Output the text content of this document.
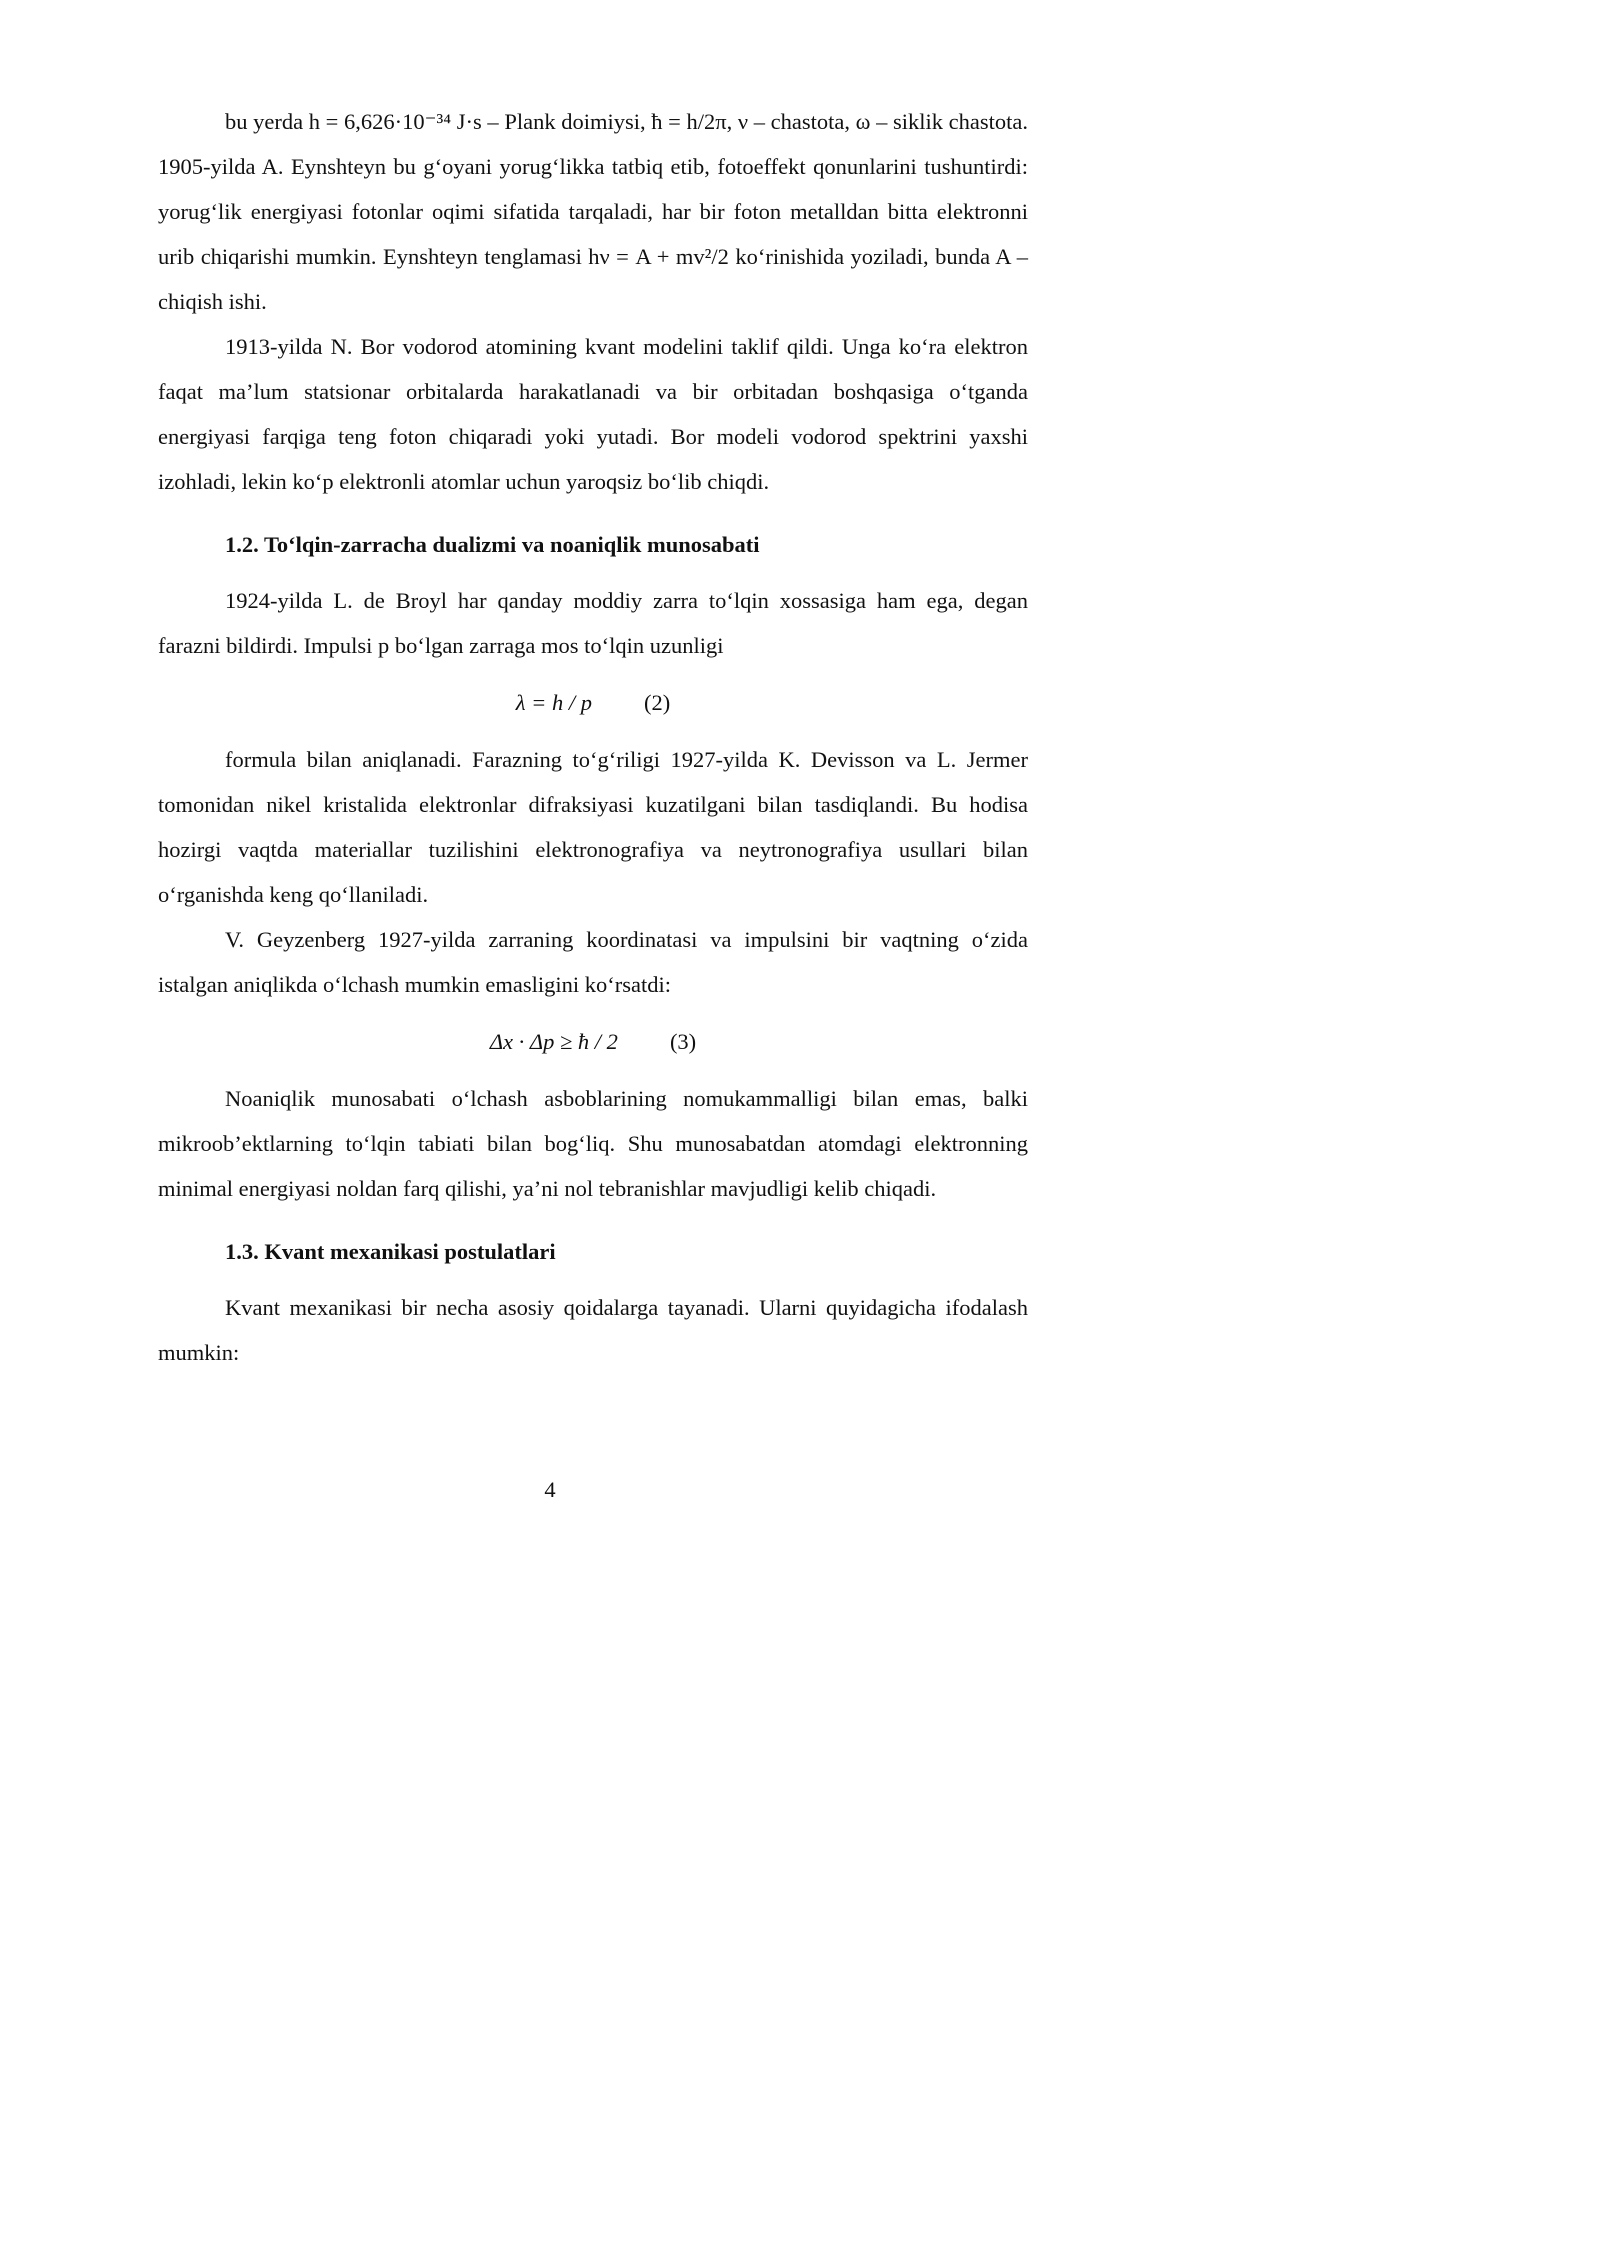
bu yerda h = 6,626·10⁻³⁴ J·s – Plank doimiysi, ħ = h/2π, ν – chastota, ω – siklik chastota. 1905-yilda A. Eynshteyn bu g‘oyani yorug‘likka tatbiq etib, fotoeffekt qonunlarini tushuntirdi: yorug‘lik energiyasi fotonlar oqimi sifatida tarqaladi, har bir foton metalldan bitta elektronni urib chiqarishi mumkin. Eynshteyn tenglamasi hν = A + mv²/2 ko‘rinishida yoziladi, bunda A – chiqish ishi.

1913-yilda N. Bor vodorod atomining kvant modelini taklif qildi. Unga ko‘ra elektron faqat ma’lum statsionar orbitalarda harakatlanadi va bir orbitadan boshqasiga o‘tganda energiyasi farqiga teng foton chiqaradi yoki yutadi. Bor modeli vodorod spektrini yaxshi izohladi, lekin ko‘p elektronli atomlar uchun yaroqsiz bo‘lib chiqdi.

1.2. To‘lqin-zarracha dualizmi va noaniqlik munosabati

1924-yilda L. de Broyl har qanday moddiy zarra to‘lqin xossasiga ham ega, degan farazni bildirdi. Impulsi p bo‘lgan zarraga mos to‘lqin uzunligi

λ = h / p (2)

formula bilan aniqlanadi. Farazning to‘g‘riligi 1927-yilda K. Devisson va L. Jermer tomonidan nikel kristalida elektronlar difraksiyasi kuzatilgani bilan tasdiqlandi. Bu hodisa hozirgi vaqtda materiallar tuzilishini elektronografiya va neytronografiya usullari bilan o‘rganishda keng qo‘llaniladi.

V. Geyzenberg 1927-yilda zarraning koordinatasi va impulsini bir vaqtning o‘zida istalgan aniqlikda o‘lchash mumkin emasligini ko‘rsatdi:

Δx · Δp ≥ ħ / 2 (3)

Noaniqlik munosabati o‘lchash asboblarining nomukammalligi bilan emas, balki mikroob’ektlarning to‘lqin tabiati bilan bog‘liq. Shu munosabatdan atomdagi elektronning minimal energiyasi noldan farq qilishi, ya’ni nol tebranishlar mavjudligi kelib chiqadi.

1.3. Kvant mexanikasi postulatlari

Kvant mexanikasi bir necha asosiy qoidalarga tayanadi. Ularni quyidagicha ifodalash mumkin:

4
